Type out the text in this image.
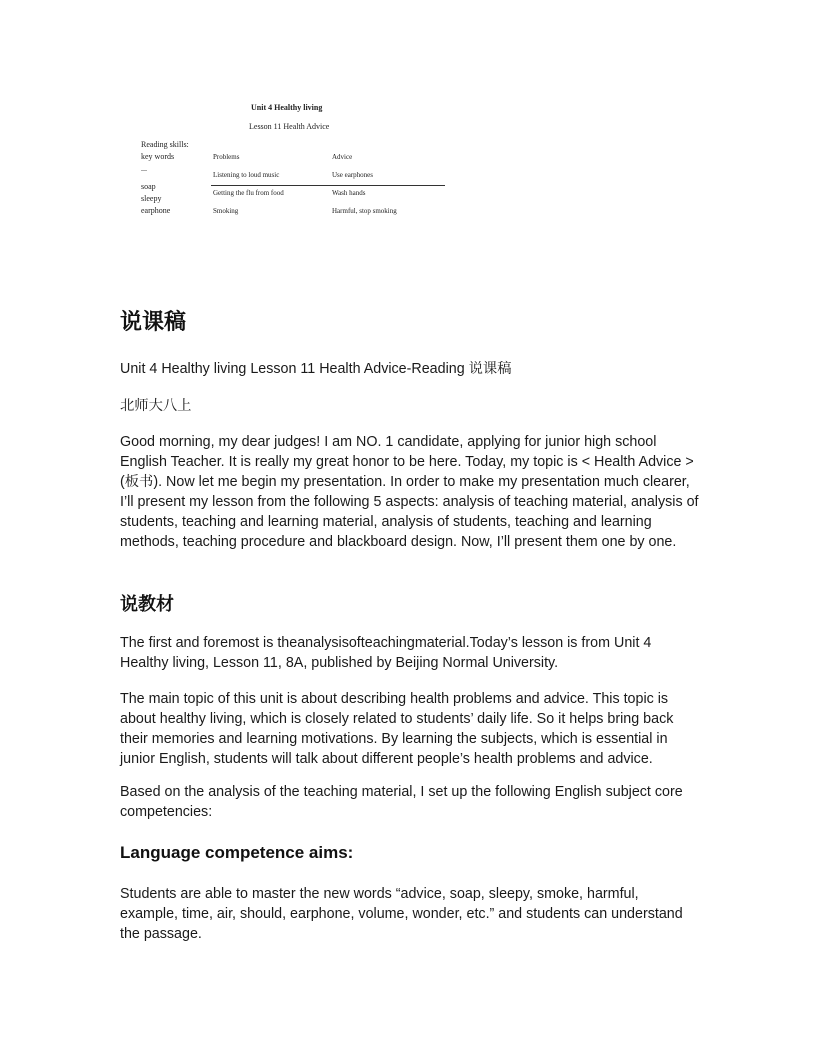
Unit 4 Healthy living
Lesson 11 Health Advice
Reading skills:
key words
...
soap
sleepy
earphone
Problems	Advice
Listening to loud music	Use earphones
Getting the flu from food	Wash hands
Smoking	Harmful, stop smoking
说课稿

Unit 4 Healthy living Lesson 11 Health Advice-Reading 说课稿

北师大八上

Good morning, my dear judges! I am NO. 1 candidate, applying for junior high school English Teacher. It is really my great honor to be here. Today, my topic is < Health Advice >(板书). Now let me begin my presentation. In order to make my presentation much clearer, I’ll present my lesson from the following 5 aspects: analysis of teaching material, analysis of students, teaching and learning material, analysis of students, teaching and learning methods, teaching procedure and blackboard design. Now, I’ll present them one by one.

说教材

The first and foremost is theanalysisofteachingmaterial.Today’s lesson is from Unit 4 Healthy living, Lesson 11, 8A, published by Beijing Normal University.

The main topic of this unit is about describing health problems and advice. This topic is about healthy living, which is closely related to students’ daily life. So it helps bring back their memories and learning motivations. By learning the subjects, which is essential in junior English, students will talk about different people’s health problems and advice.

Based on the analysis of the teaching material, I set up the following English subject core competencies:

Language competence aims:

Students are able to master the new words “advice, soap, sleepy, smoke, harmful, example, time, air, should, earphone, volume, wonder, etc.” and students can understand the passage.
